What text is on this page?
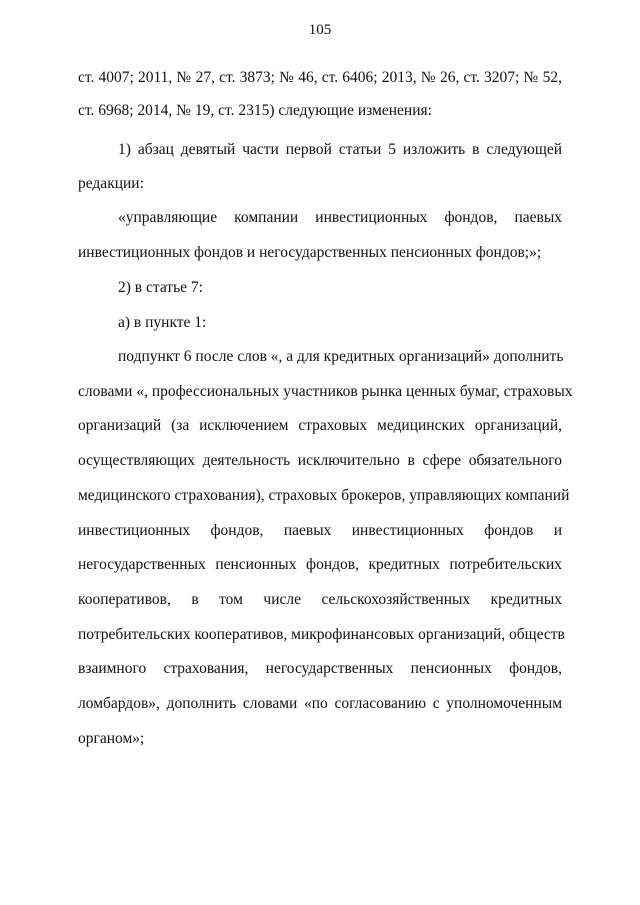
105
ст. 4007; 2011, № 27, ст. 3873; № 46, ст. 6406; 2013, № 26, ст. 3207; № 52,
ст. 6968; 2014, № 19, ст. 2315) следующие изменения:
1) абзац девятый части первой статьи 5 изложить в следующей
редакции:
«управляющие компании инвестиционных фондов, паевых
инвестиционных фондов и негосударственных пенсионных фондов;»;
2) в статье 7:
а) в пункте 1:
подпункт 6 после слов «, а для кредитных организаций» дополнить
словами «, профессиональных участников рынка ценных бумаг, страховых
организаций (за исключением страховых медицинских организаций,
осуществляющих деятельность исключительно в сфере обязательного
медицинского страхования), страховых брокеров, управляющих компаний
инвестиционных фондов, паевых инвестиционных фондов и
негосударственных пенсионных фондов, кредитных потребительских
кооперативов, в том числе сельскохозяйственных кредитных
потребительских кооперативов, микрофинансовых организаций, обществ
взаимного страхования, негосударственных пенсионных фондов,
ломбардов», дополнить словами «по согласованию с уполномоченным
органом»;
